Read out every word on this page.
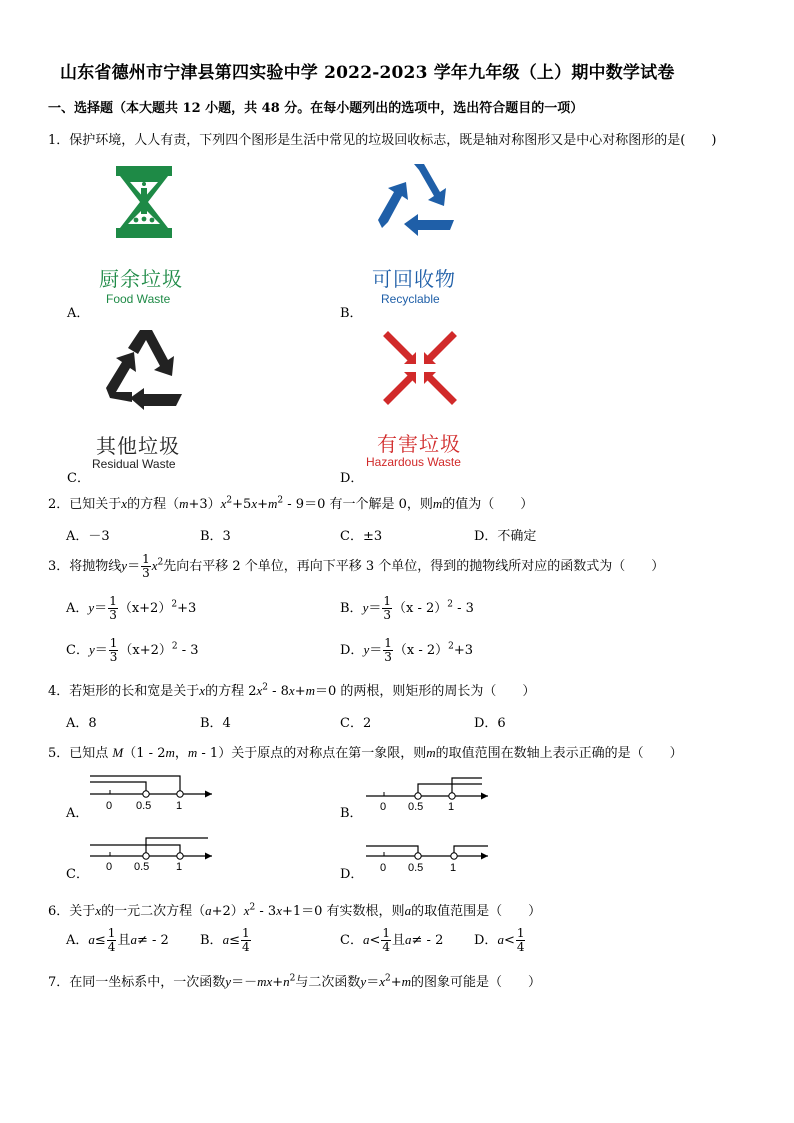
山东省德州市宁津县第四实验中学 2022-2023 学年九年级（上）期中数学试卷
一、选择题（本大题共 12 小题，共 48 分。在每小题列出的选项中，选出符合题目的一项）
1．保护环境，人人有责，下列四个图形是生活中常见的垃圾回收标志，既是轴对称图形又是中心对称图形的是(　　)
厨余垃圾
Food Waste
A．
可回收物
Recyclable
B．
其他垃圾
Residual Waste
C．
有害垃圾
Hazardous Waste
D．
2．已知关于x的方程$(m+3)x^2+5x+m^2 - 9=0$ 有一个解是 0，则m的值为（　　）
A．－3	B．3	C．±3	D．不确定
3．将抛物线$y= \frac{1}{3} x^2$先向右平移 2 个单位，再向下平移 3 个单位，得到的抛物线所对应的函数式为（　　）
A．$y= \frac{1}{3} (x+2)^2+3$	B．$y= \frac{1}{3} (x - 2)^2 - 3$
C．$y= \frac{1}{3} (x+2)^2 - 3$	D．$y= \frac{1}{3} (x - 2)^2+3$
4．若矩形的长和宽是关于x的方程 $2x^2 - 8x+m=0$ 的两根，则矩形的周长为（　　）
A．8	B．4	C．2	D．6
5．已知点 M（1 - 2m，m - 1）关于原点的对称点在第一象限，则m的取值范围在数轴上表示正确的是（　　）
A． 0 0.5 1	B． 0 0.5 1
C． 0 0.5 1	D． 0 0.5 1
6．关于x的一元二次方程$(a+2)x^2 - 3x+1=0$ 有实数根，则a的取值范围是（　　）
A．$a\le \frac{1}{4}$ 且a≠ - 2 B．$a\le \frac{1}{4}$	C．$a< \frac{1}{4}$ 且a≠ - 2 D．$a< \frac{1}{4}$
7．在同一坐标系中，一次函数$y=-mx+n^2$与二次函数$y=x^2+m$的图象可能是（　　）
